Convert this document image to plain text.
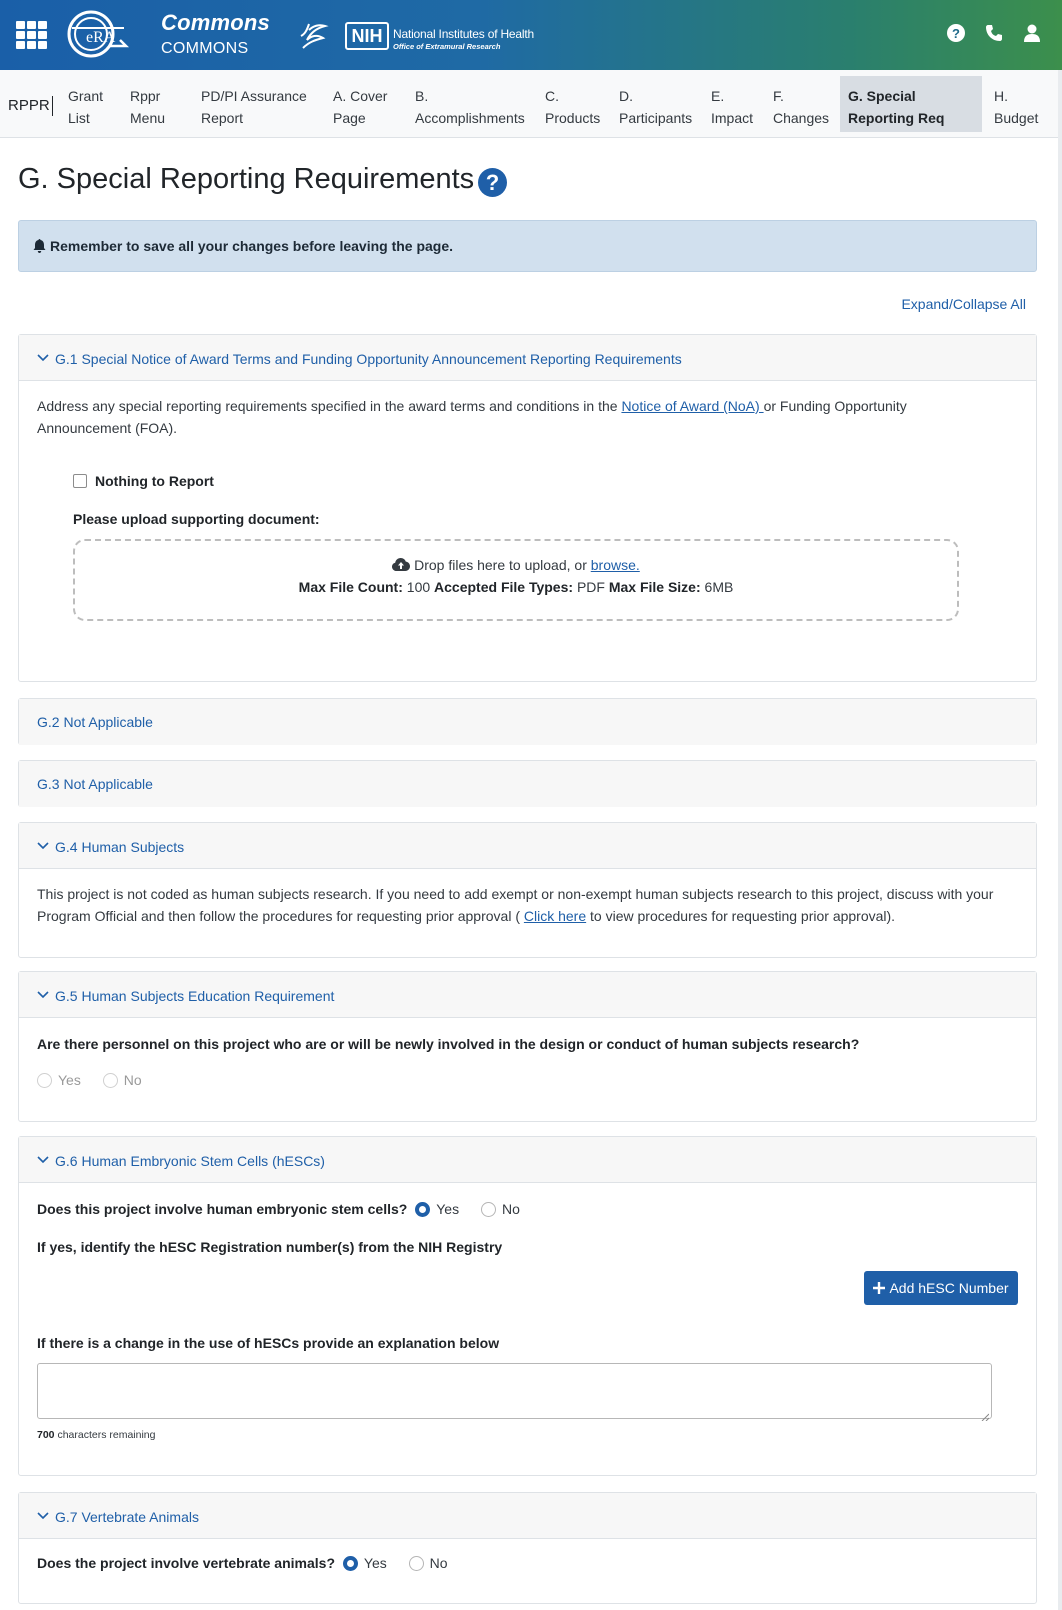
eRA
Commons
COMMONS
NIH National Institutes of Health
Office of Extramural Research
?
RPPR
Grant
List
Rppr
Menu
PD/PI Assurance
Report
A. Cover
Page
B.
Accomplishments
C.
Products
D.
Participants
E.
Impact
F.
Changes
G. Special
Reporting Req
H.
Budget
G. Special Reporting Requirements ?
Remember to save all your changes before leaving the page.
Expand/Collapse All
G.1 Special Notice of Award Terms and Funding Opportunity Announcement Reporting Requirements
Address any special reporting requirements specified in the award terms and conditions in the Notice of Award (NoA) or Funding Opportunity Announcement (FOA).
Nothing to Report
Please upload supporting document:
Drop files here to upload, or browse.
Max File Count: 100 Accepted File Types: PDF Max File Size: 6MB
G.2 Not Applicable
G.3 Not Applicable
G.4 Human Subjects
This project is not coded as human subjects research. If you need to add exempt or non-exempt human subjects research to this project, discuss with your Program Official and then follow the procedures for requesting prior approval ( Click here to view procedures for requesting prior approval).
G.5 Human Subjects Education Requirement
Are there personnel on this project who are or will be newly involved in the design or conduct of human subjects research?
Yes	No
G.6 Human Embryonic Stem Cells (hESCs)
Does this project involve human embryonic stem cells? Yes	No
If yes, identify the hESC Registration number(s) from the NIH Registry
Add hESC Number
If there is a change in the use of hESCs provide an explanation below
700 characters remaining
G.7 Vertebrate Animals
Does the project involve vertebrate animals? Yes	No
